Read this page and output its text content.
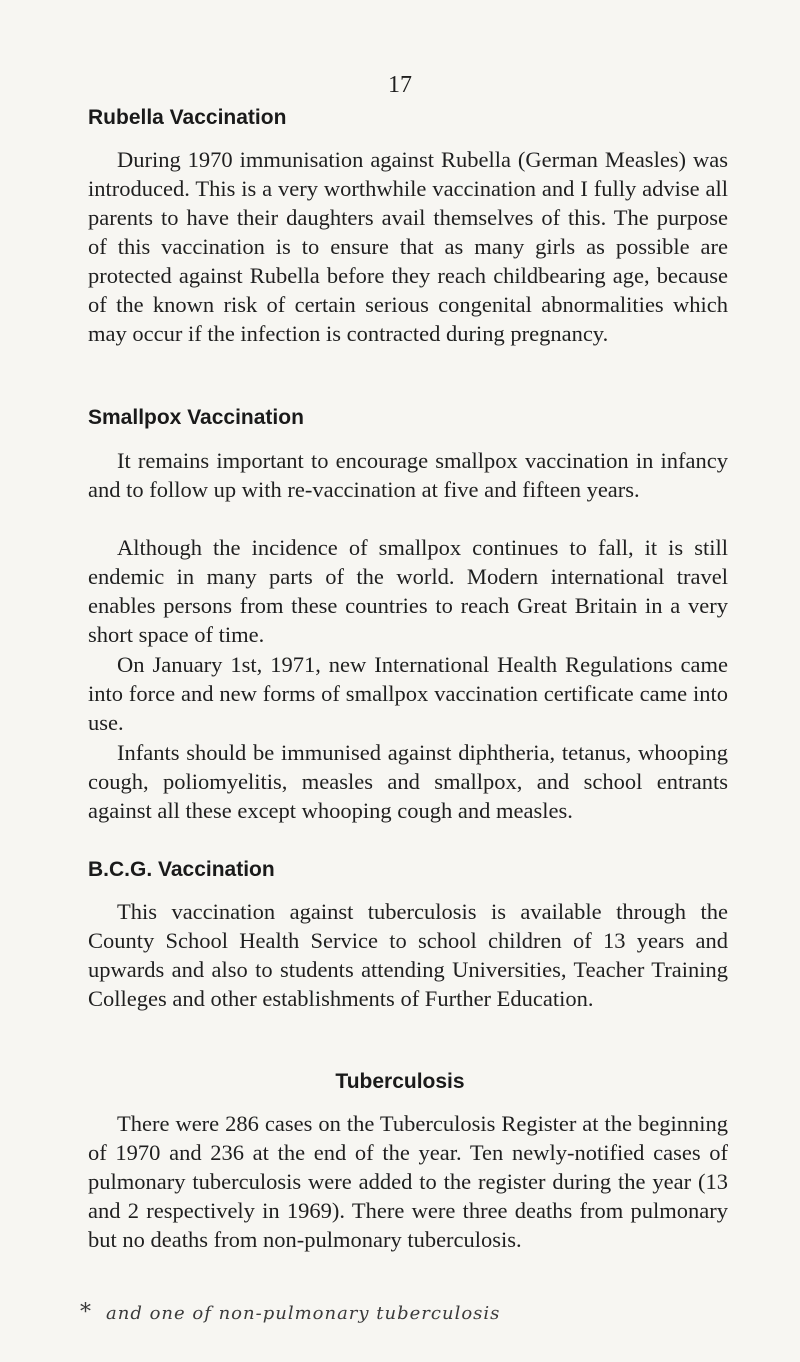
17
Rubella Vaccination

During 1970 immunisation against Rubella (German Measles) was introduced. This is a very worthwhile vaccination and I fully advise all parents to have their daughters avail themselves of this. The purpose of this vaccination is to ensure that as many girls as possible are protected against Rubella before they reach childbearing age, because of the known risk of certain serious congenital abnormalities which may occur if the infection is contracted during pregnancy.

Smallpox Vaccination

It remains important to encourage smallpox vaccination in infancy and to follow up with re-vaccination at five and fifteen years.

Although the incidence of smallpox continues to fall, it is still endemic in many parts of the world. Modern international travel enables persons from these countries to reach Great Britain in a very short space of time.

On January 1st, 1971, new International Health Regulations came into force and new forms of smallpox vaccination certificate came into use.

Infants should be immunised against diphtheria, tetanus, whooping cough, poliomyelitis, measles and smallpox, and school entrants against all these except whooping cough and measles.

B.C.G. Vaccination

This vaccination against tuberculosis is available through the County School Health Service to school children of 13 years and upwards and also to students attending Universities, Teacher Training Colleges and other establishments of Further Education.

Tuberculosis

There were 286 cases on the Tuberculosis Register at the beginning of 1970 and 236 at the end of the year. Ten newly-notified cases of pulmonary tuberculosis were added to the register during the year (13 and 2 respectively in 1969). There were three deaths from pulmonary but no deaths from non-pulmonary tuberculosis.

* and one of non-pulmonary tuberculosis
